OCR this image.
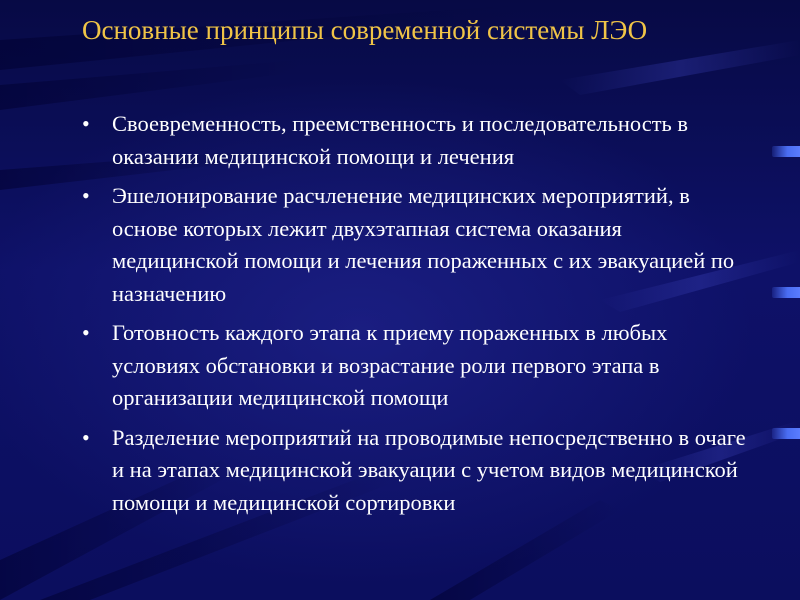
Основные принципы современной системы ЛЭО
• Своевременность, преемственность и последовательность в оказании медицинской помощи и лечения
• Эшелонирование расчленение медицинских мероприятий, в основе которых лежит двухэтапная система оказания медицинской помощи и лечения пораженных с их эвакуацией по назначению
• Готовность каждого этапа к приему пораженных в любых условиях обстановки и возрастание роли первого этапа в организации медицинской помощи
• Разделение мероприятий на проводимые непосредственно в очаге и на этапах медицинской эвакуации с учетом видов медицинской помощи и медицинской сортировки
